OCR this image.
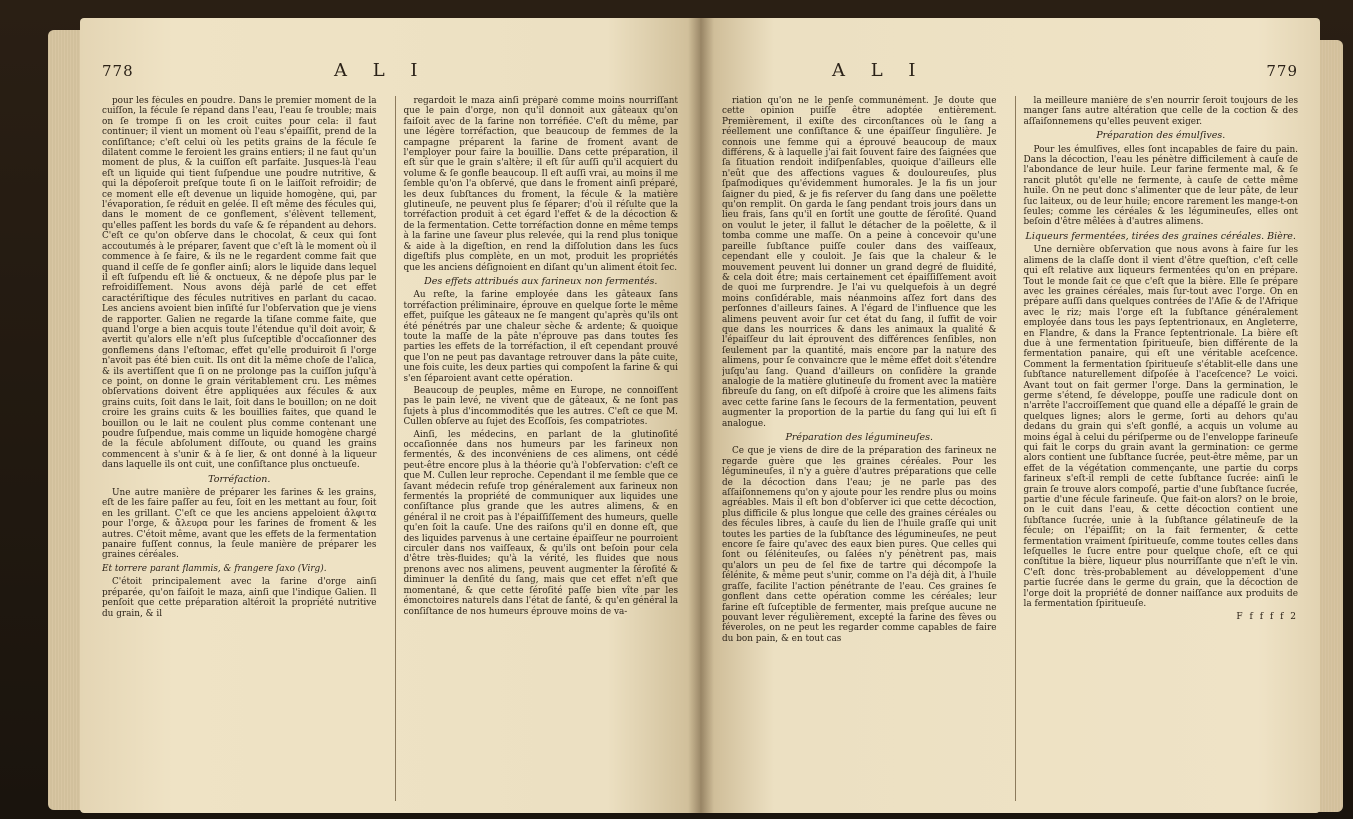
778	A L I

pour les fécules en poudre. Dans le premier moment de la cuiſſon, la fécule ſe répand dans l'eau, l'eau ſe trouble; mais on ſe trompe ſi on les croit cuites pour cela: il faut continuer; il vient un moment où l'eau s'épaiſſit, prend de la conſiſtance; c'eſt celui où les petits grains de la fécule ſe dilatent comme le feroient les grains entiers; il ne faut qu'un moment de plus, & la cuiſſon eſt parfaite. Jusques-là l'eau eſt un liquide qui tient ſuſpendue une poudre nutritive, & qui la dépoſeroit preſque toute ſi on le laiſſoit refroidir; de ce moment elle eſt devenue un liquide homogène, qui, par l'évaporation, ſe réduit en gelée. Il eſt même des fécules qui, dans le moment de ce gonflement, s'élèvent tellement, qu'elles paſſent les bords du vaſe & ſe répandent au dehors. C'eſt ce qu'on obſerve dans le chocolat, & ceux qui ſont accoutumés à le préparer, ſavent que c'eſt là le moment où il commence à ſe faire, & ils ne le regardent comme fait que quand il ceſſe de ſe gonfler ainſi; alors le liquide dans lequel il eſt ſuſpendu eſt lié & onctueux, & ne dépoſe plus par le refroidiſſement. Nous avons déjà parlé de cet effet caractériſtique des fécules nutritives en parlant du cacao. Les anciens avoient bien inſiſté ſur l'obſervation que je viens de rapporter. Galien ne regarde la tiſane comme faite, que quand l'orge a bien acquis toute l'étendue qu'il doit avoir, & avertit qu'alors elle n'eſt plus ſuſceptible d'occaſionner des gonflemens dans l'eſtomac, effet qu'elle produiroit ſi l'orge n'avoit pas été bien cuit. Ils ont dit la même choſe de l'alica, & ils avertiſſent que ſi on ne prolonge pas la cuiſſon juſqu'à ce point, on donne le grain véritablement cru. Les mêmes obſervations doivent être appliquées aux fécules & aux grains cuits, ſoit dans le lait, ſoit dans le bouillon; on ne doit croire les grains cuits & les bouillies faites, que quand le bouillon ou le lait ne coulent plus comme contenant une poudre ſuſpendue, mais comme un liquide homogène chargé de la fécule abſolument diſſoute, ou quand les grains commencent à s'unir & à ſe lier, & ont donné à la liqueur dans laquelle ils ont cuit, une conſiſtance plus onctueuſe.

Torréfaction.

Une autre manière de préparer les farines & les grains, eſt de les faire paſſer au feu, ſoit en les mettant au four, ſoit en les grillant. C'eſt ce que les anciens appeloient ἀλφιτα pour l'orge, & ἄλευρα pour les farines de froment & les autres. C'étoit même, avant que les effets de la fermentation panaire fuſſent connus, la ſeule manière de préparer les graines céréales.

Et torrere parant flammis, & frangere ſaxo (Virg).

C'étoit principalement avec la farine d'orge ainſi préparée, qu'on faiſoit le maza, ainſi que l'indique Galien. Il penſoit que cette préparation altéroit la propriété nutritive du grain, & il

regardoit le maza ainſi préparé comme moins nourriſſant que le pain d'orge, non qu'il donnoit aux gâteaux qu'on faiſoit avec de la farine non torréfiée. C'eſt du même, par une légère torréfaction, que beaucoup de femmes de la campagne préparent la farine de froment avant de l'employer pour faire la bouillie. Dans cette préparation, il eſt sûr que le grain s'altère; il eſt ſûr auſſi qu'il acquiert du volume & ſe gonfle beaucoup. Il eſt auſſi vrai, au moins il me ſemble qu'on l'a obſervé, que dans le froment ainſi préparé, les deux ſubſtances du froment, la fécule & la matière glutineuſe, ne peuvent plus ſe ſéparer; d'où il réſulte que la torréfaction produit à cet égard l'effet & de la décoction & de la fermentation. Cette torréfaction donne en même temps à la farine une ſaveur plus relevée, qui la rend plus tonique & aide à la digeſtion, en rend la diſſolution dans les ſucs digeſtifs plus complète, en un mot, produit les propriétés que les anciens déſignoient en diſant qu'un aliment étoit ſec.

Des effets attribués aux farineux non fermentés.

Au reſte, la farine employée dans les gâteaux ſans torréfaction préliminaire, éprouve en quelque ſorte le même effet, puiſque les gâteaux ne ſe mangent qu'après qu'ils ont été pénétrés par une chaleur sèche & ardente; & quoique toute la maſſe de la pâte n'éprouve pas dans toutes ſes parties les effets de la torréfaction, il eſt cependant prouvé que l'on ne peut pas davantage retrouver dans la pâte cuite, une fois cuite, les deux parties qui compoſent la farine & qui s'en ſéparoient avant cette opération.

Beaucoup de peuples, même en Europe, ne connoiſſent pas le pain levé, ne vivent que de gâteaux, & ne ſont pas ſujets à plus d'incommodités que les autres. C'eſt ce que M. Cullen obſerve au ſujet des Ecoſſois, ſes compatriotes.

Ainſi, les médecins, en parlant de la glutinoſité occaſionnée dans nos humeurs par les farineux non fermentés, & des inconvéniens de ces alimens, ont cédé peut-être encore plus à la théorie qu'à l'obſervation: c'eſt ce que M. Cullen leur reproche. Cependant il me ſemble que ce ſavant médecin refuſe trop généralement aux farineux non fermentés la propriété de communiquer aux liquides une conſiſtance plus grande que les autres alimens, & en général il ne croit pas à l'épaiſſiſſement des humeurs, quelle qu'en ſoit la cauſe. Une des raiſons qu'il en donne eſt, que des liquides parvenus à une certaine épaiſſeur ne pourroient circuler dans nos vaiſſeaux, & qu'ils ont beſoin pour cela d'être très-fluides; qu'à la vérité, les fluides que nous prenons avec nos alimens, peuvent augmenter la ſéroſité & diminuer la denſité du ſang, mais que cet effet n'eſt que momentané, & que cette ſéroſité paſſe bien vîte par les émonctoires naturels dans l'état de ſanté, & qu'en général la conſiſtance de nos humeurs éprouve moins de va-

A L I	779

riation qu'on ne le penſe communément. Je doute que cette opinion puiſſe être adoptée entièrement. Premièrement, il exiſte des circonſtances où le ſang a réellement une conſiſtance & une épaiſſeur ſingulière. Je connois une femme qui a éprouvé beaucoup de maux différens, & à laquelle j'ai fait ſouvent faire des ſaignées que ſa ſituation rendoit indiſpenſables, quoique d'ailleurs elle n'eût que des affections vagues & douloureuſes, plus ſpaſmodiques qu'évidemment humorales. Je la fis un jour ſaigner du pied, & je fis reſerver du ſang dans une poëlette qu'on remplit. On garda le ſang pendant trois jours dans un lieu frais, ſans qu'il en ſortît une goutte de ſéroſité. Quand on voulut le jeter, il fallut le détacher de la poëlette, & il tomba comme une maſſe. On a peine à concevoir qu'une pareille ſubſtance puiſſe couler dans des vaiſſeaux, cependant elle y couloit. Je ſais que la chaleur & le mouvement peuvent lui donner un grand degré de fluidité, & cela doit être; mais certainement cet épaiſſiſſement avoit de quoi me ſurprendre. Je l'ai vu quelquefois à un degré moins conſidérable, mais néanmoins aſſez fort dans des perſonnes d'ailleurs ſaines. A l'égard de l'influence que les alimens peuvent avoir ſur cet état du ſang, il ſuffit de voir que dans les nourrices & dans les animaux la qualité & l'épaiſſeur du lait éprouvent des différences ſenſibles, non ſeulement par la quantité, mais encore par la nature des alimens, pour ſe convaincre que le même effet doit s'étendre juſqu'au ſang. Quand d'ailleurs on conſidère la grande analogie de la matière glutineuſe du froment avec la matière fibreuſe du ſang, on eſt diſpoſé à croire que les alimens faits avec cette farine ſans le ſecours de la fermentation, peuvent augmenter la proportion de la partie du ſang qui lui eſt ſi analogue.

Préparation des légumineuſes.

Ce que je viens de dire de la préparation des farineux ne regarde guère que les graines céréales. Pour les légumineuſes, il n'y a guère d'autres préparations que celle de la décoction dans l'eau; je ne parle pas des aſſaiſonnemens qu'on y ajoute pour les rendre plus ou moins agréables. Mais il eſt bon d'obſerver ici que cette décoction, plus difficile & plus longue que celle des graines céréales ou des fécules libres, à cauſe du lien de l'huile graſſe qui unit toutes les parties de la ſubſtance des légumineuſes, ne peut encore ſe faire qu'avec des eaux bien pures. Que celles qui ſont ou ſéléniteuſes, ou ſalées n'y pénètrent pas, mais qu'alors un peu de ſel fixe de tartre qui décompoſe la ſélénite, & même peut s'unir, comme on l'a déjà dit, à l'huile graſſe, facilite l'action pénétrante de l'eau. Ces graines ſe gonflent dans cette opération comme les céréales; leur farine eſt ſuſceptible de fermenter, mais preſque aucune ne pouvant lever régulièrement, excepté la farine des fèves ou féveroles, on ne peut les regarder comme capables de faire du bon pain, & en tout cas

la meilleure manière de s'en nourrir ſeroit toujours de les manger ſans autre altération que celle de la coction & des aſſaiſonnemens qu'elles peuvent exiger.

Préparation des émulſives.

Pour les émulſives, elles ſont incapables de faire du pain. Dans la décoction, l'eau les pénètre difficilement à cauſe de l'abondance de leur huile. Leur farine fermente mal, & ſe rancit plutôt qu'elle ne fermente, à cauſe de cette même huile. On ne peut donc s'alimenter que de leur pâte, de leur ſuc laiteux, ou de leur huile; encore rarement les mange-t-on ſeules; comme les céréales & les légumineuſes, elles ont beſoin d'être mêlées à d'autres alimens.

Liqueurs fermentées, tirées des graines céréales. Bière.

Une dernière obſervation que nous avons à faire ſur les alimens de la claſſe dont il vient d'être queſtion, c'eſt celle qui eſt relative aux liqueurs fermentées qu'on en prépare. Tout le monde ſait ce que c'eſt que la bière. Elle ſe prépare avec les graines céréales, mais ſur-tout avec l'orge. On en prépare auſſi dans quelques contrées de l'Aſie & de l'Afrique avec le riz; mais l'orge eſt la ſubſtance généralement employée dans tous les pays ſeptentrionaux, en Angleterre, en Flandre, & dans la France ſeptentrionale. La bière eſt due à une fermentation ſpiritueuſe, bien différente de la fermentation panaire, qui eſt une véritable aceſcence. Comment la fermentation ſpiritueuſe s'établit-elle dans une ſubſtance naturellement diſpoſée à l'aceſcence? Le voici. Avant tout on fait germer l'orge. Dans la germination, le germe s'étend, ſe développe, pouſſe une radicule dont on n'arrête l'accroiſſement que quand elle a dépaſſé le grain de quelques lignes; alors le germe, ſorti au dehors qu'au dedans du grain qui s'eſt gonflé, a acquis un volume au moins égal à celui du périſperme ou de l'enveloppe farineuſe qui fait le corps du grain avant la germination: ce germe alors contient une ſubſtance ſucrée, peut-être même, par un effet de la végétation commençante, une partie du corps farineux s'eſt-il rempli de cette ſubſtance ſucrée: ainſi le grain ſe trouve alors compoſé, partie d'une ſubſtance ſucrée, partie d'une fécule farineuſe. Que fait-on alors? on le broie, on le cuit dans l'eau, & cette décoction contient une ſubſtance ſucrée, unie à la ſubſtance gélatineuſe de la fécule; on l'épaiſſit; on la fait fermenter, & cette fermentation vraiment ſpiritueuſe, comme toutes celles dans leſquelles le ſucre entre pour quelque choſe, eſt ce qui conſtitue la bière, liqueur plus nourriſſante que n'eſt le vin. C'eſt donc très-probablement au développement d'une partie ſucrée dans le germe du grain, que la décoction de l'orge doit la propriété de donner naiſſance aux produits de la fermentation ſpiritueuſe.

F f f f f 2
